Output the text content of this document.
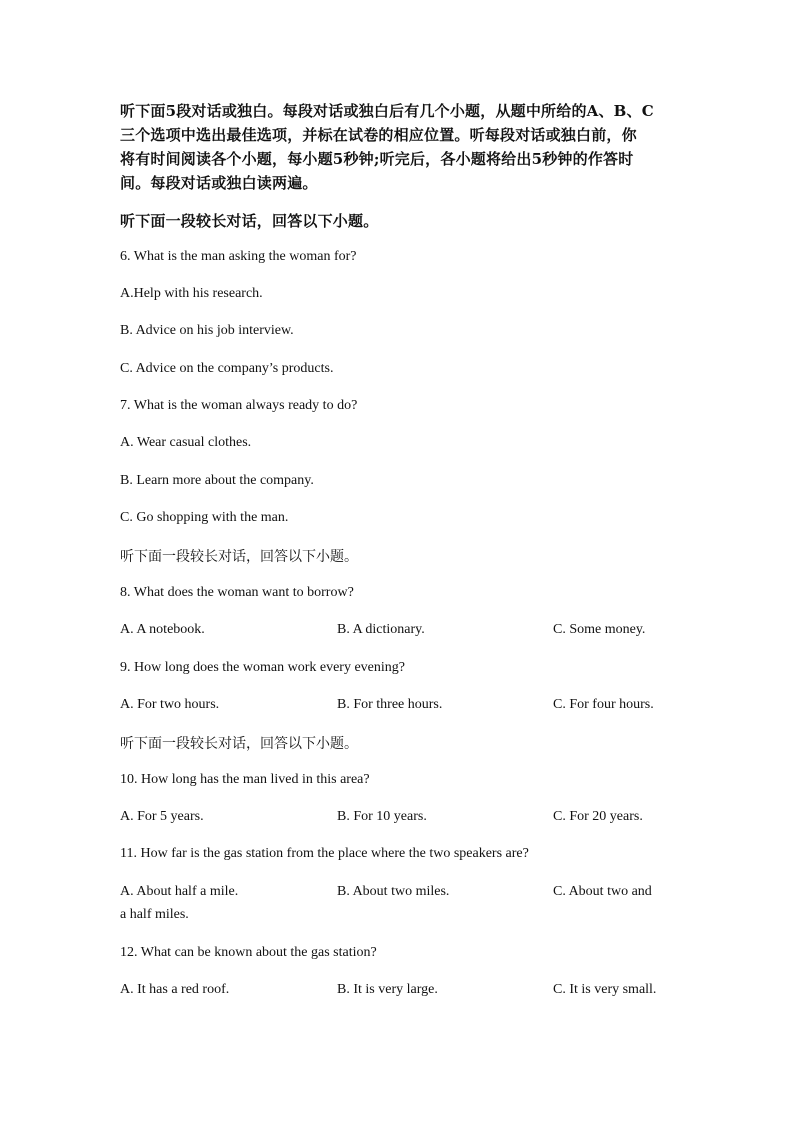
听下面5段对话或独白。每段对话或独白后有几个小题，从题中所给的A、B、C
三个选项中选出最佳选项，并标在试卷的相应位置。听每段对话或独白前，你
将有时间阅读各个小题，每小题5秒钟;听完后，各小题将给出5秒钟的作答时
间。每段对话或独白读两遍。
听下面一段较长对话，回答以下小题。
6. What is the man asking the woman for?
A.Help with his research.
B. Advice on his job interview.
C. Advice on the company’s products.
7. What is the woman always ready to do?
A. Wear casual clothes.
B. Learn more about the company.
C. Go shopping with the man.
听下面一段较长对话，回答以下小题。
8. What does the woman want to borrow?
A. A notebook.	B. A dictionary.	C. Some money.
9. How long does the woman work every evening?
A. For two hours.	B. For three hours.	C. For four hours.
听下面一段较长对话，回答以下小题。
10. How long has the man lived in this area?
A. For 5 years.	B. For 10 years.	C. For 20 years.
11. How far is the gas station from the place where the two speakers are?
A. About half a mile.	B. About two miles.	C. About two and
a half miles.
12. What can be known about the gas station?
A. It has a red roof.	B. It is very large.	C. It is very small.
